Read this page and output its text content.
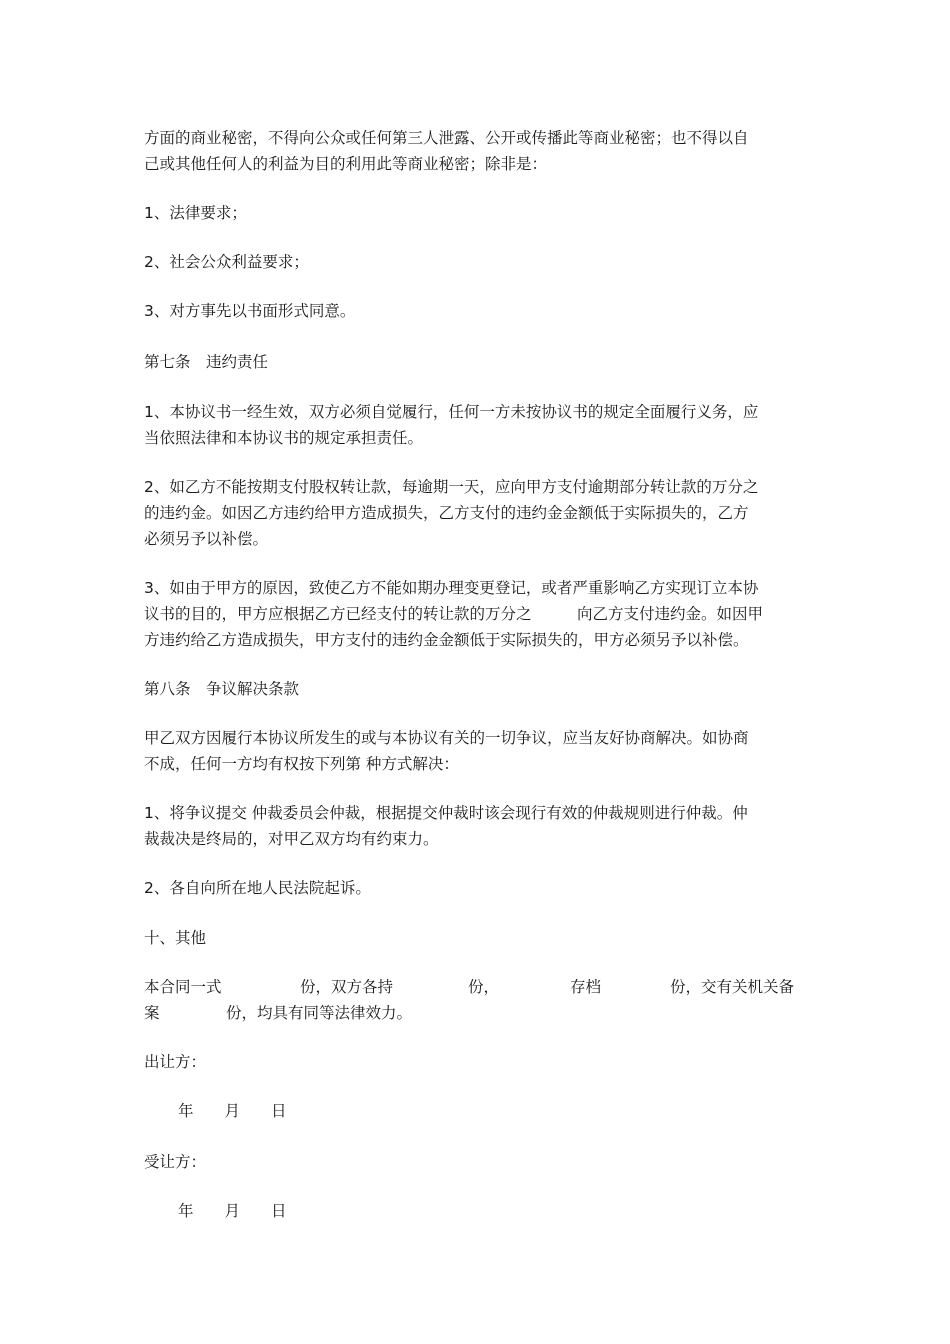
方面的商业秘密，不得向公众或任何第三人泄露、公开或传播此等商业秘密；也不得以自

己或其他任何人的利益为目的利用此等商业秘密；除非是：

1、法律要求；

2、社会公众利益要求；

3、对方事先以书面形式同意。

第七条　违约责任

1、本协议书一经生效，双方必须自觉履行，任何一方未按协议书的规定全面履行义务，应

当依照法律和本协议书的规定承担责任。

2、如乙方不能按期支付股权转让款，每逾期一天，应向甲方支付逾期部分转让款的万分之

的违约金。如因乙方违约给甲方造成损失，乙方支付的违约金金额低于实际损失的，乙方

必须另予以补偿。

3、如由于甲方的原因，致使乙方不能如期办理变更登记，或者严重影响乙方实现订立本协

议书的目的，甲方应根据乙方已经支付的转让款的万分之	向乙方支付违约金。如因甲

方违约给乙方造成损失，甲方支付的违约金金额低于实际损失的，甲方必须另予以补偿。

第八条　争议解决条款

甲乙双方因履行本协议所发生的或与本协议有关的一切争议，应当友好协商解决。如协商

不成，任何一方均有权按下列第 种方式解决：

1、将争议提交 仲裁委员会仲裁，根据提交仲裁时该会现行有效的仲裁规则进行仲裁。仲

裁裁决是终局的，对甲乙双方均有约束力。

2、各自向所在地人民法院起诉。

十、其他

本合同一式	份，双方各持	份，	存档	份，交有关机关备
案	份，均具有同等法律效力。

出让方：

年　　月　　日

受让方：

年　　月　　日
